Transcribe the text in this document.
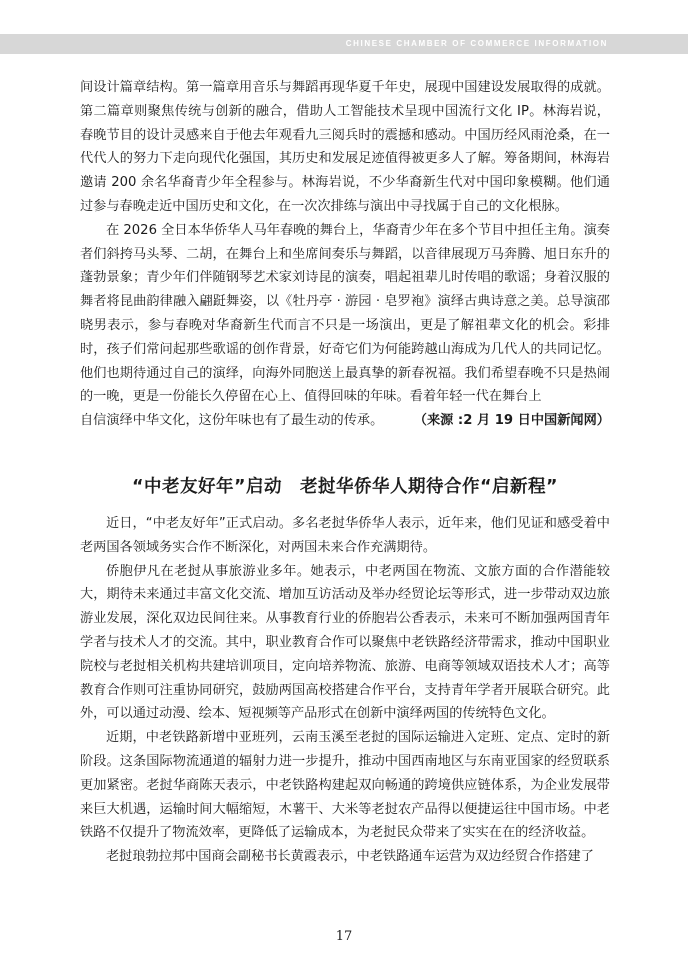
CHINESE CHAMBER OF COMMERCE INFORMATION

间设计篇章结构。第一篇章用音乐与舞蹈再现华夏千年史，展现中国建设发展取得的成就。第二篇章则聚焦传统与创新的融合，借助人工智能技术呈现中国流行文化 IP。林海岩说，春晚节目的设计灵感来自于他去年观看九三阅兵时的震撼和感动。中国历经风雨沧桑，在一代代人的努力下走向现代化强国，其历史和发展足迹值得被更多人了解。筹备期间，林海岩邀请 200 余名华裔青少年全程参与。林海岩说，不少华裔新生代对中国印象模糊。他们通过参与春晚走近中国历史和文化，在一次次排练与演出中寻找属于自己的文化根脉。

在 2026 全日本华侨华人马年春晚的舞台上，华裔青少年在多个节目中担任主角。演奏者们斜挎马头琴、二胡，在舞台上和坐席间奏乐与舞蹈，以音律展现万马奔腾、旭日东升的蓬勃景象；青少年们伴随钢琴艺术家刘诗昆的演奏，唱起祖辈儿时传唱的歌谣；身着汉服的舞者将昆曲韵律融入翩跹舞姿，以《牡丹亭 · 游园 · 皂罗袍》演绎古典诗意之美。总导演邵晓男表示，参与春晚对华裔新生代而言不只是一场演出，更是了解祖辈文化的机会。彩排时，孩子们常问起那些歌谣的创作背景，好奇它们为何能跨越山海成为几代人的共同记忆。他们也期待通过自己的演绎，向海外同胞送上最真挚的新春祝福。我们希望春晚不只是热闹的一晚，更是一份能长久停留在心上、值得回味的年味。看着年轻一代在舞台上

自信演绎中华文化，这份年味也有了最生动的传承。 （来源 :2 月 19 日中国新闻网）
“中老友好年”启动　老挝华侨华人期待合作“启新程”

近日，“中老友好年”正式启动。多名老挝华侨华人表示，近年来，他们见证和感受着中老两国各领域务实合作不断深化，对两国未来合作充满期待。

侨胞伊凡在老挝从事旅游业多年。她表示，中老两国在物流、文旅方面的合作潜能较大，期待未来通过丰富文化交流、增加互访活动及举办经贸论坛等形式，进一步带动双边旅游业发展，深化双边民间往来。从事教育行业的侨胞岩公香表示，未来可不断加强两国青年学者与技术人才的交流。其中，职业教育合作可以聚焦中老铁路经济带需求，推动中国职业院校与老挝相关机构共建培训项目，定向培养物流、旅游、电商等领域双语技术人才；高等教育合作则可注重协同研究，鼓励两国高校搭建合作平台，支持青年学者开展联合研究。此外，可以通过动漫、绘本、短视频等产品形式在创新中演绎两国的传统特色文化。

近期，中老铁路新增中亚班列，云南玉溪至老挝的国际运输进入定班、定点、定时的新阶段。这条国际物流通道的辐射力进一步提升，推动中国西南地区与东南亚国家的经贸联系更加紧密。老挝华商陈天表示，中老铁路构建起双向畅通的跨境供应链体系，为企业发展带来巨大机遇，运输时间大幅缩短，木薯干、大米等老挝农产品得以便捷运往中国市场。中老铁路不仅提升了物流效率，更降低了运输成本，为老挝民众带来了实实在在的经济收益。

老挝琅勃拉邦中国商会副秘书长黄霞表示，中老铁路通车运营为双边经贸合作搭建了

17
